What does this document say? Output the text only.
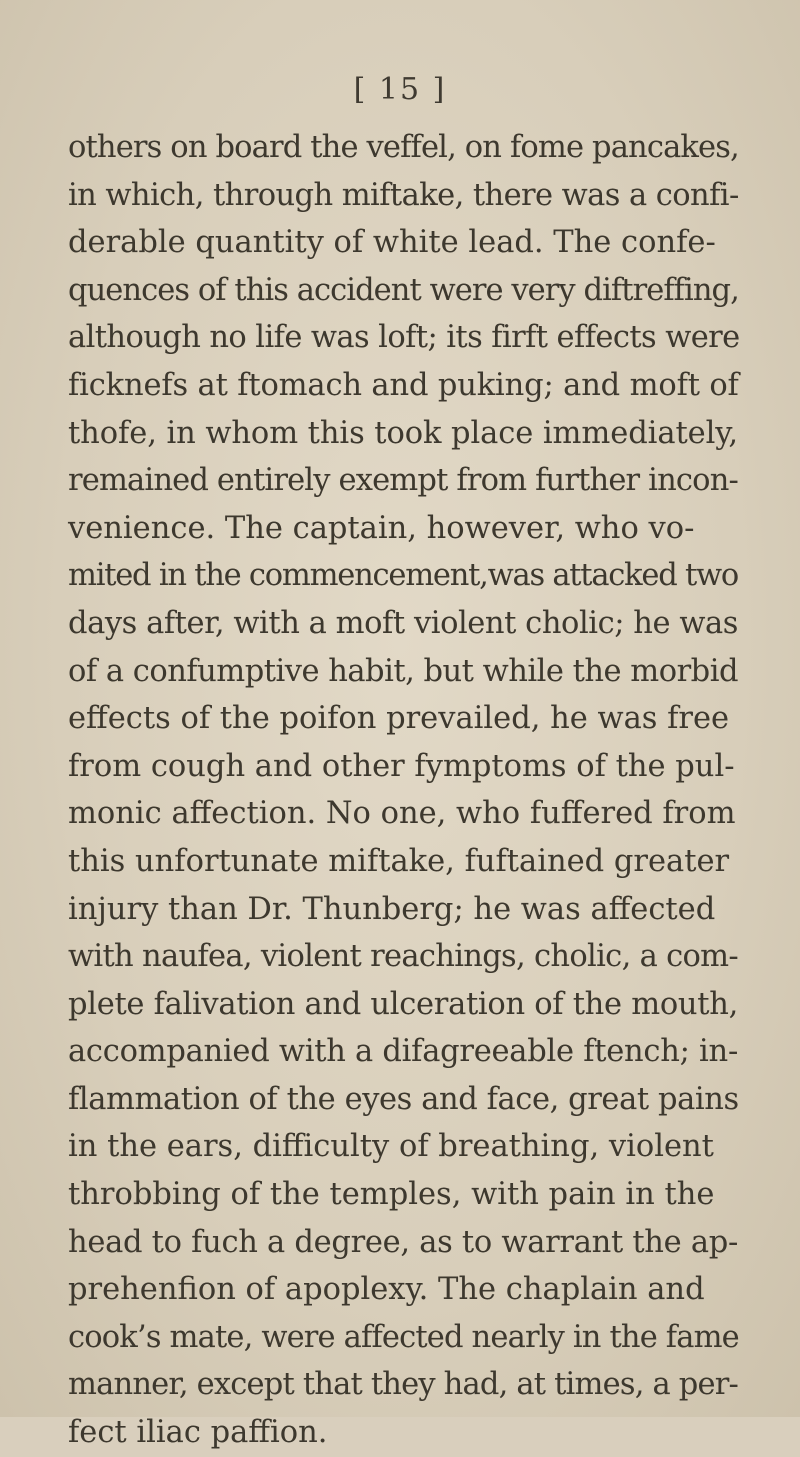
[ 15 ]
others on board the veffel, on fome pancakes,
in which, through miftake, there was a confi-
derable quantity of white lead. The confe-
quences of this accident were very diftreffing,
although no life was loft; its firft effects were
ficknefs at ftomach and puking; and moft of
thofe, in whom this took place immediately,
remained entirely exempt from further incon-
venience. The captain, however, who vo-
mited in the commencement,was attacked two
days after, with a moft violent cholic; he was
of a confumptive habit, but while the morbid
effects of the poifon prevailed, he was free
from cough and other fymptoms of the pul-
monic affection. No one, who fuffered from
this unfortunate miftake, fuftained greater
injury than Dr. Thunberg; he was affected
with naufea, violent reachings, cholic, a com-
plete falivation and ulceration of the mouth,
accompanied with a difagreeable ftench; in-
flammation of the eyes and face, great pains
in the ears, difficulty of breathing, violent
throbbing of the temples, with pain in the
head to fuch a degree, as to warrant the ap-
prehenfion of apoplexy. The chaplain and
cook’s mate, were affected nearly in the fame
manner, except that they had, at times, a per-
fect iliac paffion.
